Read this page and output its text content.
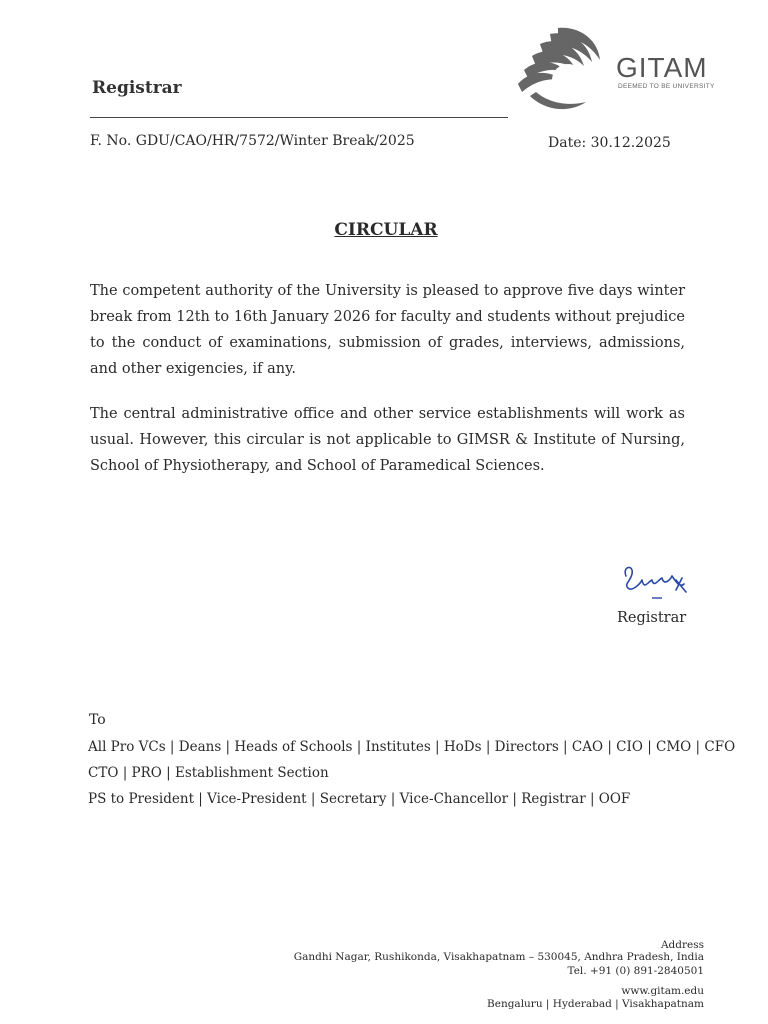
Registrar
GITAM
DEEMED TO BE UNIVERSITY
F. No. GDU/CAO/HR/7572/Winter Break/2025	Date: 30.12.2025
CIRCULAR
The competent authority of the University is pleased to approve five days winter break from 12th to 16th January 2026 for faculty and students without prejudice to the conduct of examinations, submission of grades, interviews, admissions, and other exigencies, if any.
The central administrative office and other service establishments will work as usual. However, this circular is not applicable to GIMSR & Institute of Nursing, School of Physiotherapy, and School of Paramedical Sciences.
Registrar
To
All Pro VCs | Deans | Heads of Schools | Institutes | HoDs | Directors | CAO | CIO | CMO | CFO
CTO | PRO | Establishment Section
PS to President | Vice-President | Secretary | Vice-Chancellor | Registrar | OOF
Address
Gandhi Nagar, Rushikonda, Visakhapatnam – 530045, Andhra Pradesh, India
Tel. +91 (0) 891-2840501
www.gitam.edu
Bengaluru | Hyderabad | Visakhapatnam
